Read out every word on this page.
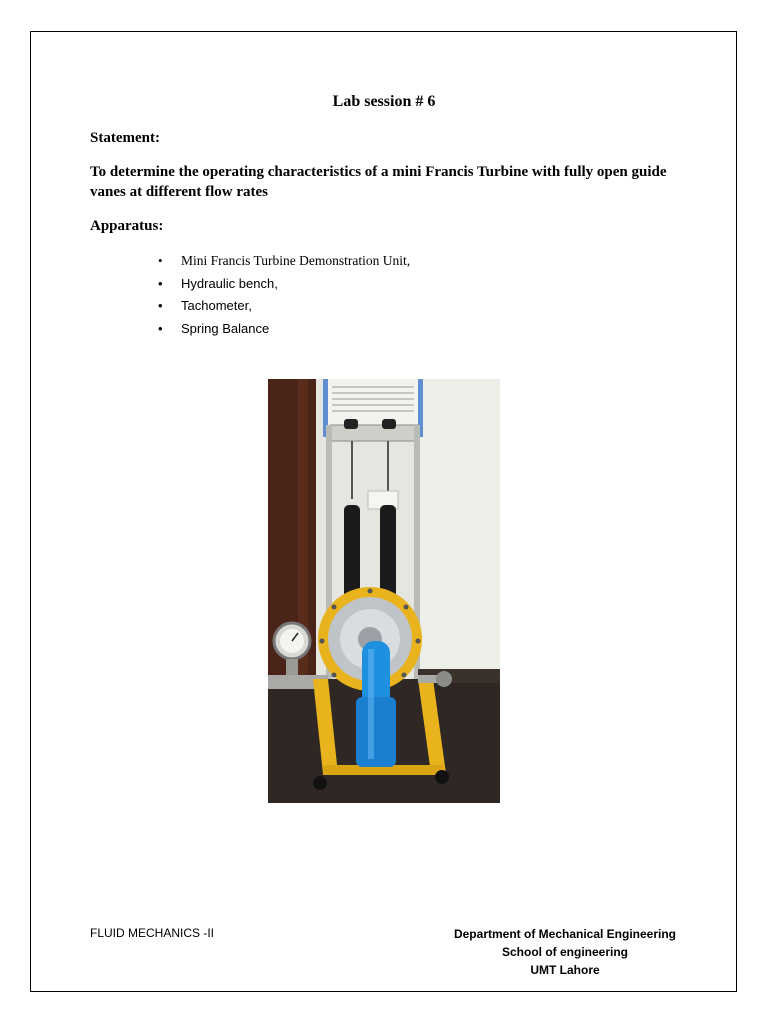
Lab session # 6
Statement:
To determine the operating characteristics of a mini Francis Turbine with fully open guide vanes at different flow rates
Apparatus:
• Mini Francis Turbine Demonstration Unit,
• Hydraulic bench,
• Tachometer,
• Spring Balance
FLUID MECHANICS -II	Department of Mechanical Engineering
School of engineering
UMT Lahore
